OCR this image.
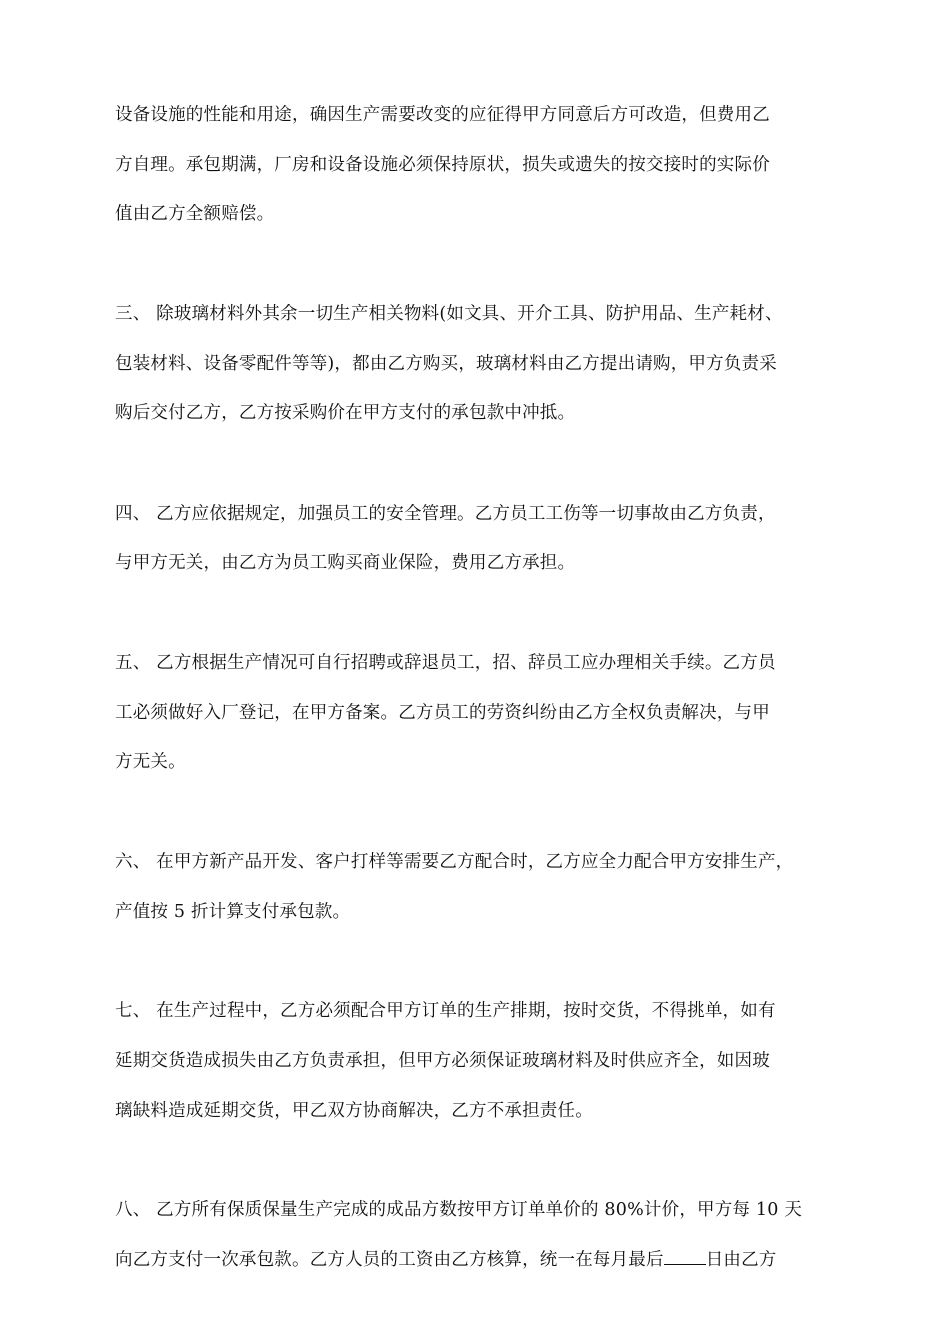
设备设施的性能和用途，确因生产需要改变的应征得甲方同意后方可改造，但费用乙
方自理。承包期满，厂房和设备设施必须保持原状，损失或遗失的按交接时的实际价
值由乙方全额赔偿。
三、 除玻璃材料外其余一切生产相关物料(如文具、开介工具、防护用品、生产耗材、
包装材料、设备零配件等等)，都由乙方购买，玻璃材料由乙方提出请购，甲方负责采
购后交付乙方，乙方按采购价在甲方支付的承包款中冲抵。
四、 乙方应依据规定，加强员工的安全管理。乙方员工工伤等一切事故由乙方负责，
与甲方无关，由乙方为员工购买商业保险，费用乙方承担。
五、 乙方根据生产情况可自行招聘或辞退员工，招、辞员工应办理相关手续。乙方员
工必须做好入厂登记，在甲方备案。乙方员工的劳资纠纷由乙方全权负责解决，与甲
方无关。
六、 在甲方新产品开发、客户打样等需要乙方配合时，乙方应全力配合甲方安排生产，
产值按 5 折计算支付承包款。
七、 在生产过程中，乙方必须配合甲方订单的生产排期，按时交货，不得挑单，如有
延期交货造成损失由乙方负责承担，但甲方必须保证玻璃材料及时供应齐全，如因玻
璃缺料造成延期交货，甲乙双方协商解决，乙方不承担责任。
八、 乙方所有保质保量生产完成的成品方数按甲方订单单价的 80%计价，甲方每 10 天
向乙方支付一次承包款。乙方人员的工资由乙方核算，统一在每月最后 日由乙方
